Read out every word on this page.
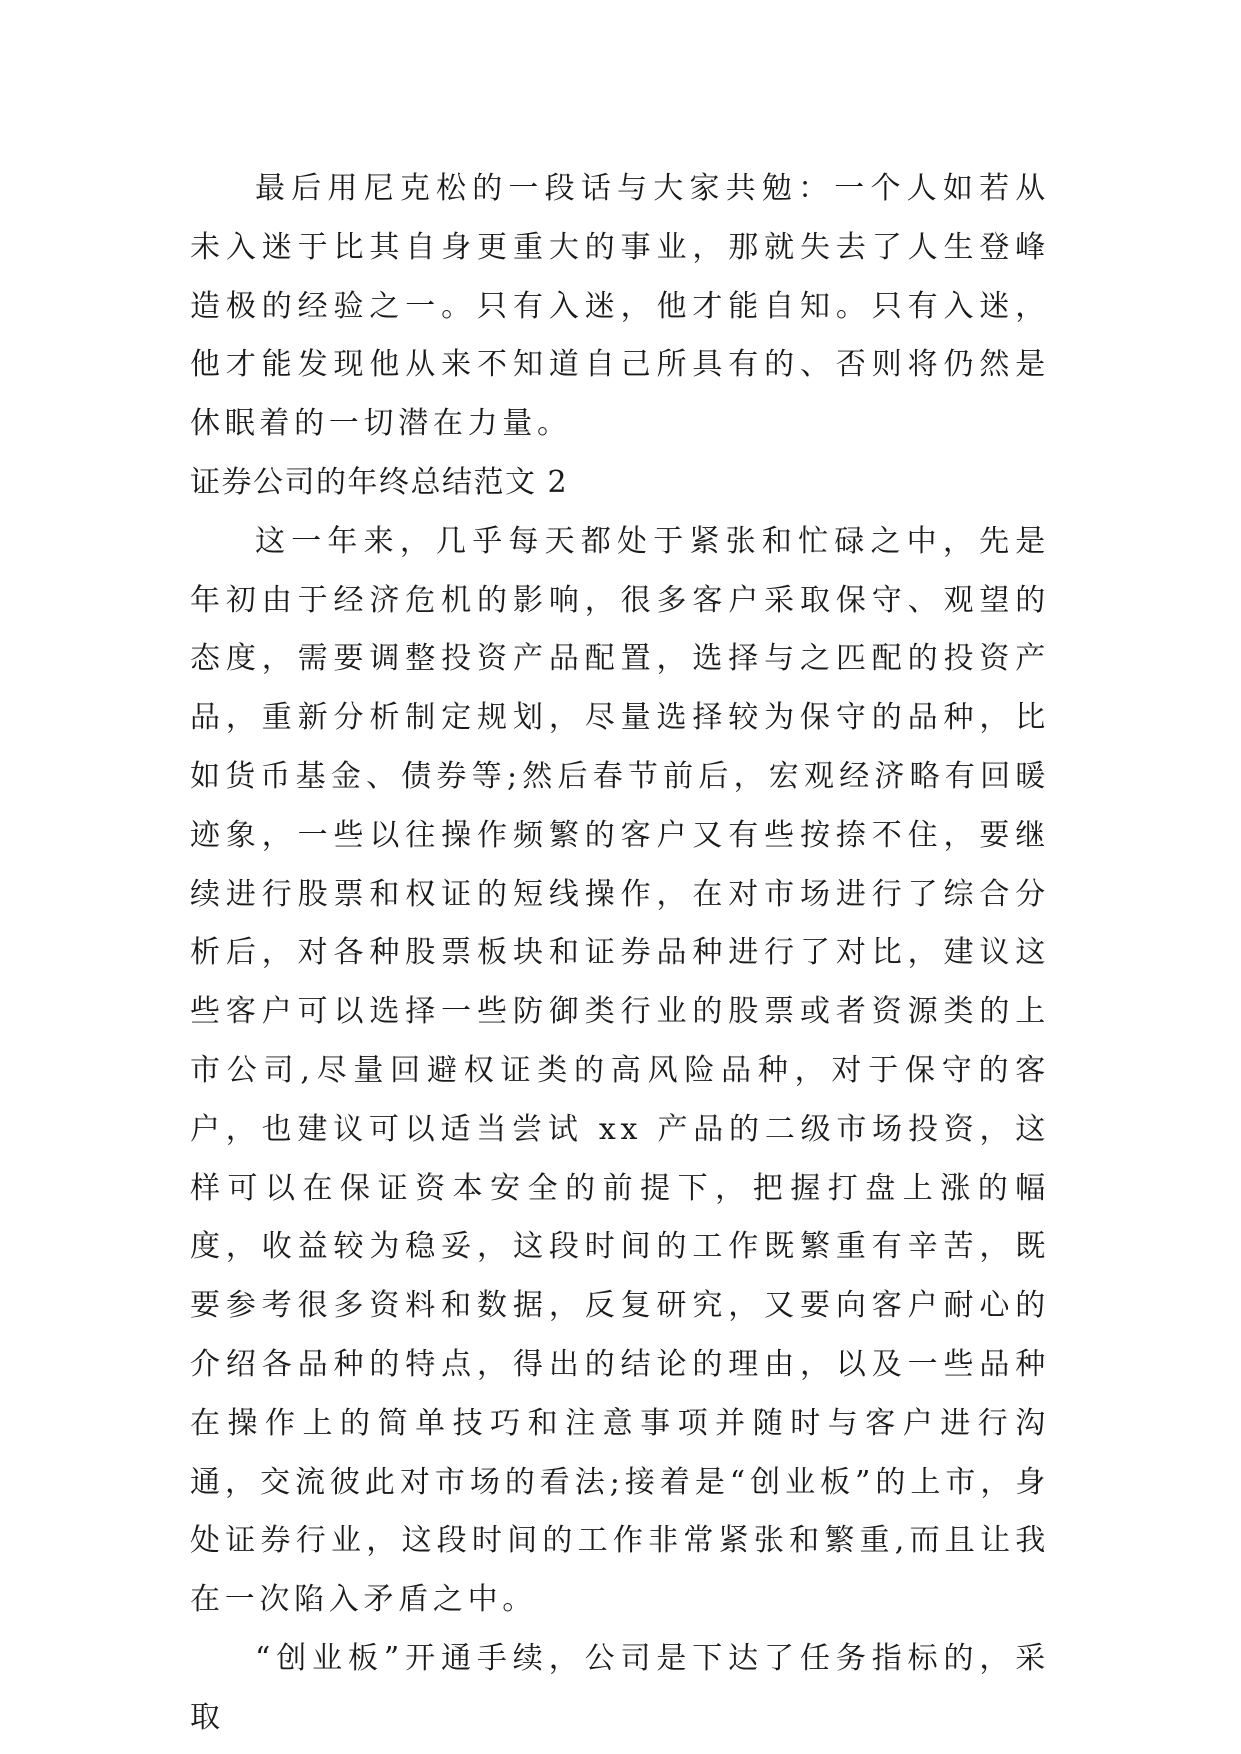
最后用尼克松的一段话与大家共勉：一个人如若从未入迷于比其自身更重大的事业，那就失去了人生登峰造极的经验之一。只有入迷，他才能自知。只有入迷，他才能发现他从来不知道自己所具有的、否则将仍然是休眠着的一切潜在力量。

证券公司的年终总结范文 2

这一年来，几乎每天都处于紧张和忙碌之中，先是年初由于经济危机的影响，很多客户采取保守、观望的态度，需要调整投资产品配置，选择与之匹配的投资产品，重新分析制定规划，尽量选择较为保守的品种，比如货币基金、债券等;然后春节前后，宏观经济略有回暖迹象，一些以往操作频繁的客户又有些按捺不住，要继续进行股票和权证的短线操作，在对市场进行了综合分析后，对各种股票板块和证券品种进行了对比，建议这些客户可以选择一些防御类行业的股票或者资源类的上市公司,尽量回避权证类的高风险品种，对于保守的客户，也建议可以适当尝试 xx 产品的二级市场投资，这样可以在保证资本安全的前提下，把握打盘上涨的幅度，收益较为稳妥，这段时间的工作既繁重有辛苦，既要参考很多资料和数据，反复研究，又要向客户耐心的介绍各品种的特点，得出的结论的理由，以及一些品种在操作上的简单技巧和注意事项并随时与客户进行沟通，交流彼此对市场的看法;接着是“创业板”的上市，身处证券行业，这段时间的工作非常紧张和繁重,而且让我在一次陷入矛盾之中。

“创业板”开通手续，公司是下达了任务指标的，采取
